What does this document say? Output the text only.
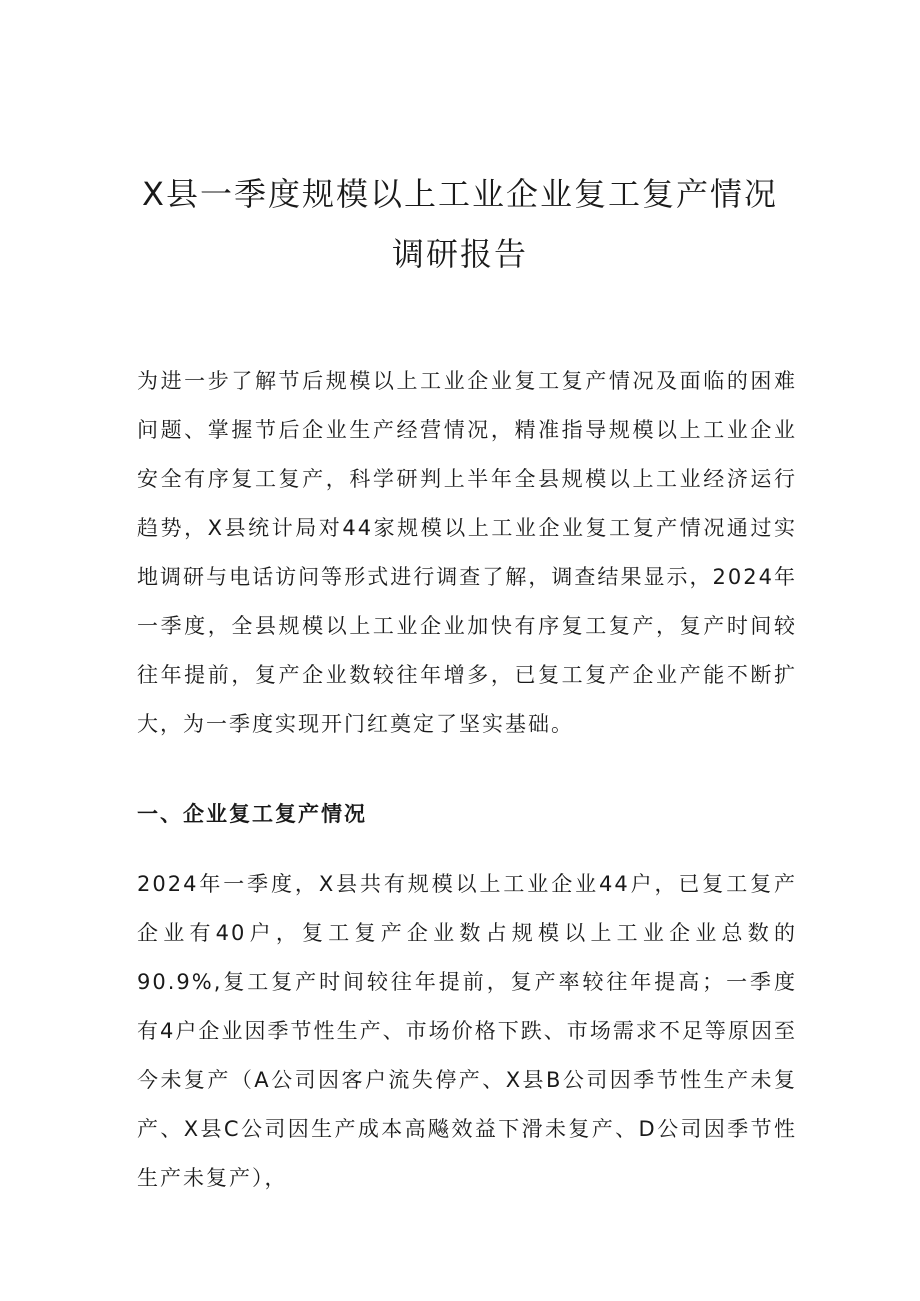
X县一季度规模以上工业企业复工复产情况
调研报告

为进一步了解节后规模以上工业企业复工复产情况及面临的困难问题、掌握节后企业生产经营情况，精准指导规模以上工业企业安全有序复工复产，科学研判上半年全县规模以上工业经济运行趋势，X县统计局对44家规模以上工业企业复工复产情况通过实地调研与电话访问等形式进行调查了解，调查结果显示，2024年一季度，全县规模以上工业企业加快有序复工复产，复产时间较往年提前，复产企业数较往年增多，已复工复产企业产能不断扩大，为一季度实现开门红奠定了坚实基础。

一、企业复工复产情况

2024年一季度，X县共有规模以上工业企业44户，已复工复产企业有40户，复工复产企业数占规模以上工业企业总数的90.9%,复工复产时间较往年提前，复产率较往年提高；一季度有4户企业因季节性生产、市场价格下跌、市场需求不足等原因至今未复产（A公司因客户流失停产、X县B公司因季节性生产未复产、X县C公司因生产成本高飚效益下滑未复产、D公司因季节性生产未复产），
